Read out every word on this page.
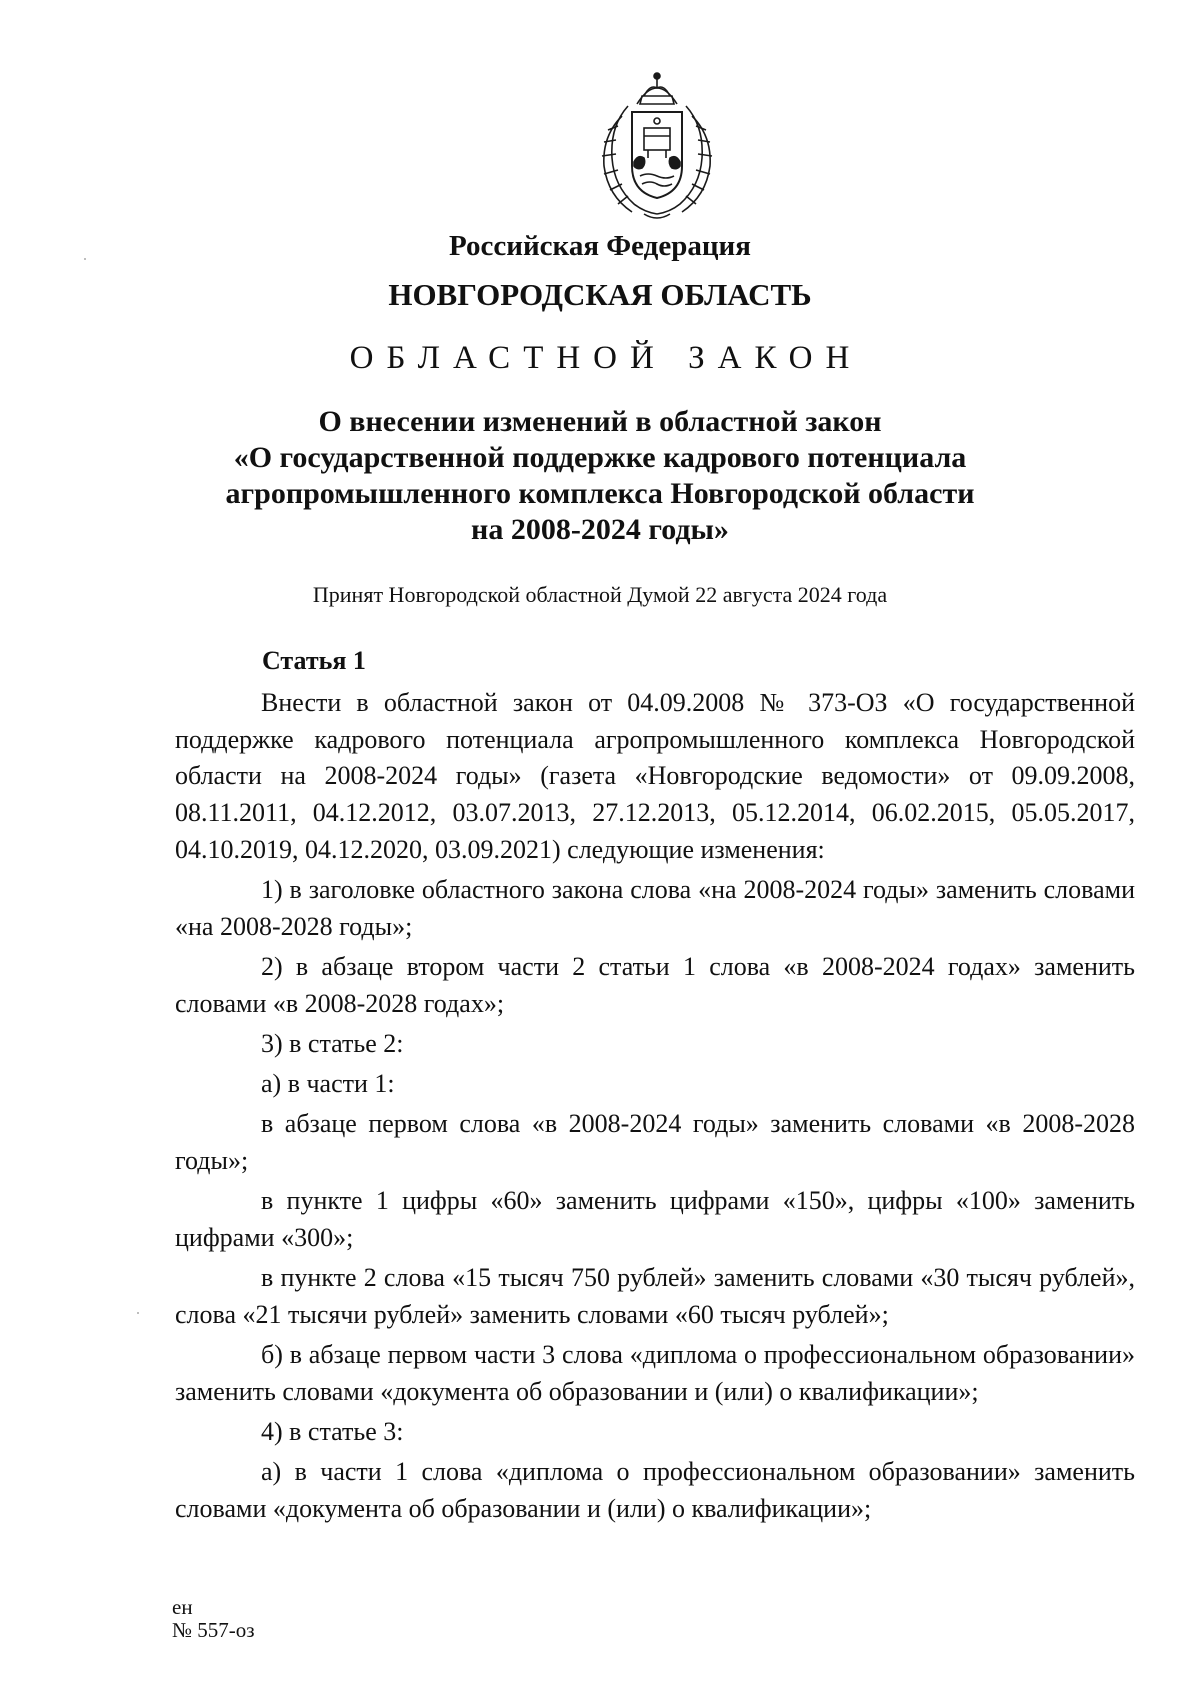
Российская Федерация
НОВГОРОДСКАЯ ОБЛАСТЬ
ОБЛАСТНОЙ ЗАКОН
О внесении изменений в областной закон
«О государственной поддержке кадрового потенциала
агропромышленного комплекса Новгородской области
на 2008-2024 годы»
Принят Новгородской областной Думой 22 августа 2024 года
Статья 1

Внести в областной закон от 04.09.2008 № 373-ОЗ «О государственной поддержке кадрового потенциала агропромышленного комплекса Новгородской области на 2008-2024 годы» (газета «Новгородские ведомости» от 09.09.2008, 08.11.2011, 04.12.2012, 03.07.2013, 27.12.2013, 05.12.2014, 06.02.2015, 05.05.2017, 04.10.2019, 04.12.2020, 03.09.2021) следующие изменения:

1) в заголовке областного закона слова «на 2008-2024 годы» заменить словами «на 2008-2028 годы»;

2) в абзаце втором части 2 статьи 1 слова «в 2008-2024 годах» заменить словами «в 2008-2028 годах»;

3) в статье 2:

а) в части 1:

в абзаце первом слова «в 2008-2024 годы» заменить словами «в 2008-2028 годы»;

в пункте 1 цифры «60» заменить цифрами «150», цифры «100» заменить цифрами «300»;

в пункте 2 слова «15 тысяч 750 рублей» заменить словами «30 тысяч рублей», слова «21 тысячи рублей» заменить словами «60 тысяч рублей»;

б) в абзаце первом части 3 слова «диплома о профессиональном образовании» заменить словами «документа об образовании и (или) о квалификации»;

4) в статье 3:

а) в части 1 слова «диплома о профессиональном образовании» заменить словами «документа об образовании и (или) о квалификации»;

ен
№ 557-оз
